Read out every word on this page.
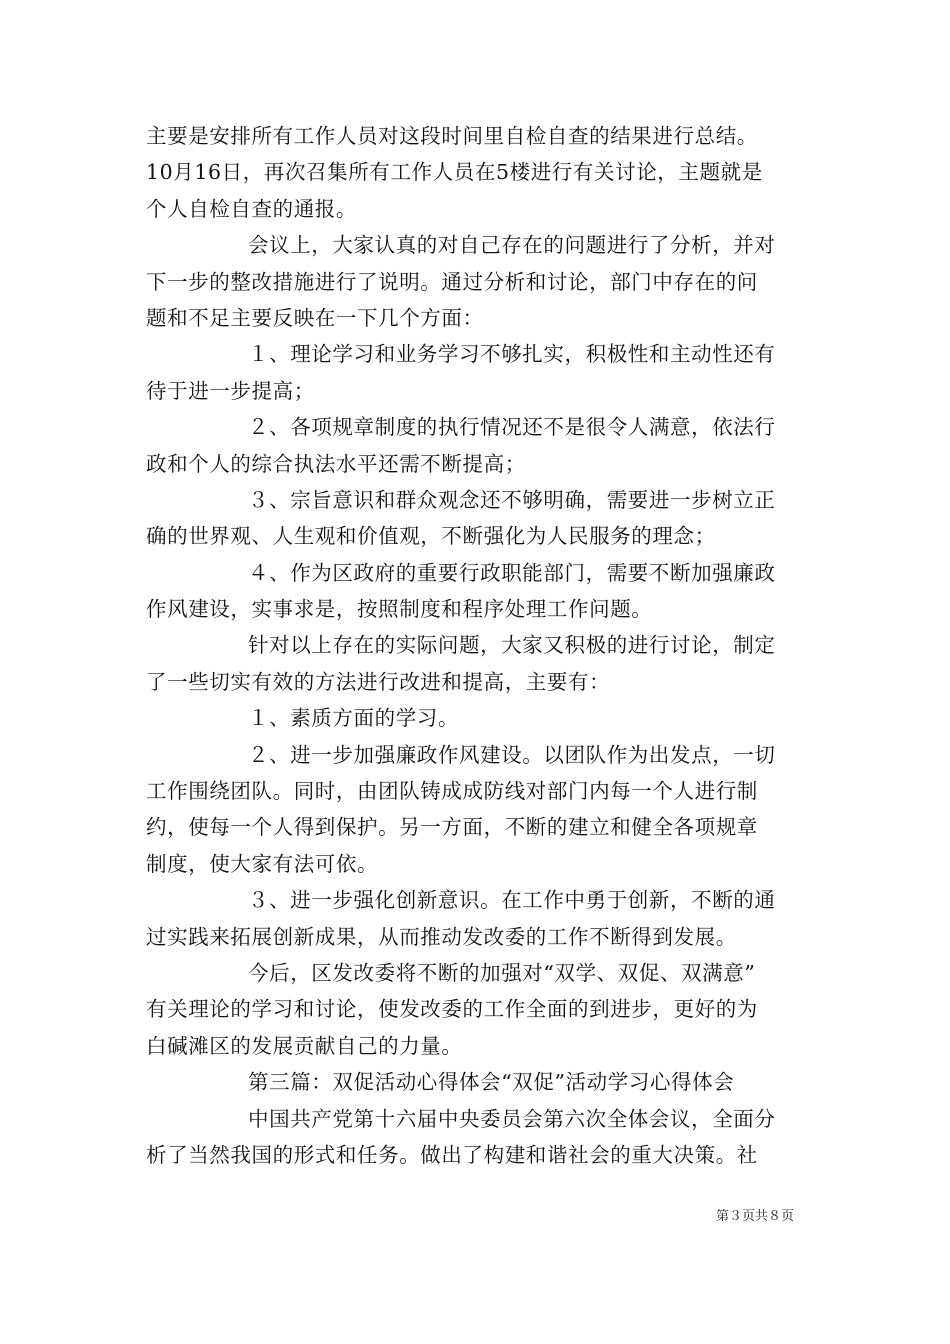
主要是安排所有工作人员对这段时间里自检自查的结果进行总结。
10月16日，再次召集所有工作人员在5楼进行有关讨论，主题就是
个人自检自查的通报。
会议上，大家认真的对自己存在的问题进行了分析，并对
下一步的整改措施进行了说明。通过分析和讨论，部门中存在的问
题和不足主要反映在一下几个方面：
１、理论学习和业务学习不够扎实，积极性和主动性还有
待于进一步提高；
２、各项规章制度的执行情况还不是很令人满意，依法行
政和个人的综合执法水平还需不断提高；
３、宗旨意识和群众观念还不够明确，需要进一步树立正
确的世界观、人生观和价值观，不断强化为人民服务的理念；
４、作为区政府的重要行政职能部门，需要不断加强廉政
作风建设，实事求是，按照制度和程序处理工作问题。
针对以上存在的实际问题，大家又积极的进行讨论，制定
了一些切实有效的方法进行改进和提高，主要有：
１、素质方面的学习。
２、进一步加强廉政作风建设。以团队作为出发点，一切
工作围绕团队。同时，由团队铸成成防线对部门内每一个人进行制
约，使每一个人得到保护。另一方面，不断的建立和健全各项规章
制度，使大家有法可依。
３、进一步强化创新意识。在工作中勇于创新，不断的通
过实践来拓展创新成果，从而推动发改委的工作不断得到发展。
今后，区发改委将不断的加强对“双学、双促、双满意”
有关理论的学习和讨论，使发改委的工作全面的到进步，更好的为
白碱滩区的发展贡献自己的力量。
第三篇：双促活动心得体会“双促”活动学习心得体会
中国共产党第十六届中央委员会第六次全体会议，全面分
析了当然我国的形式和任务。做出了构建和谐社会的重大决策。社
第３页共８页
